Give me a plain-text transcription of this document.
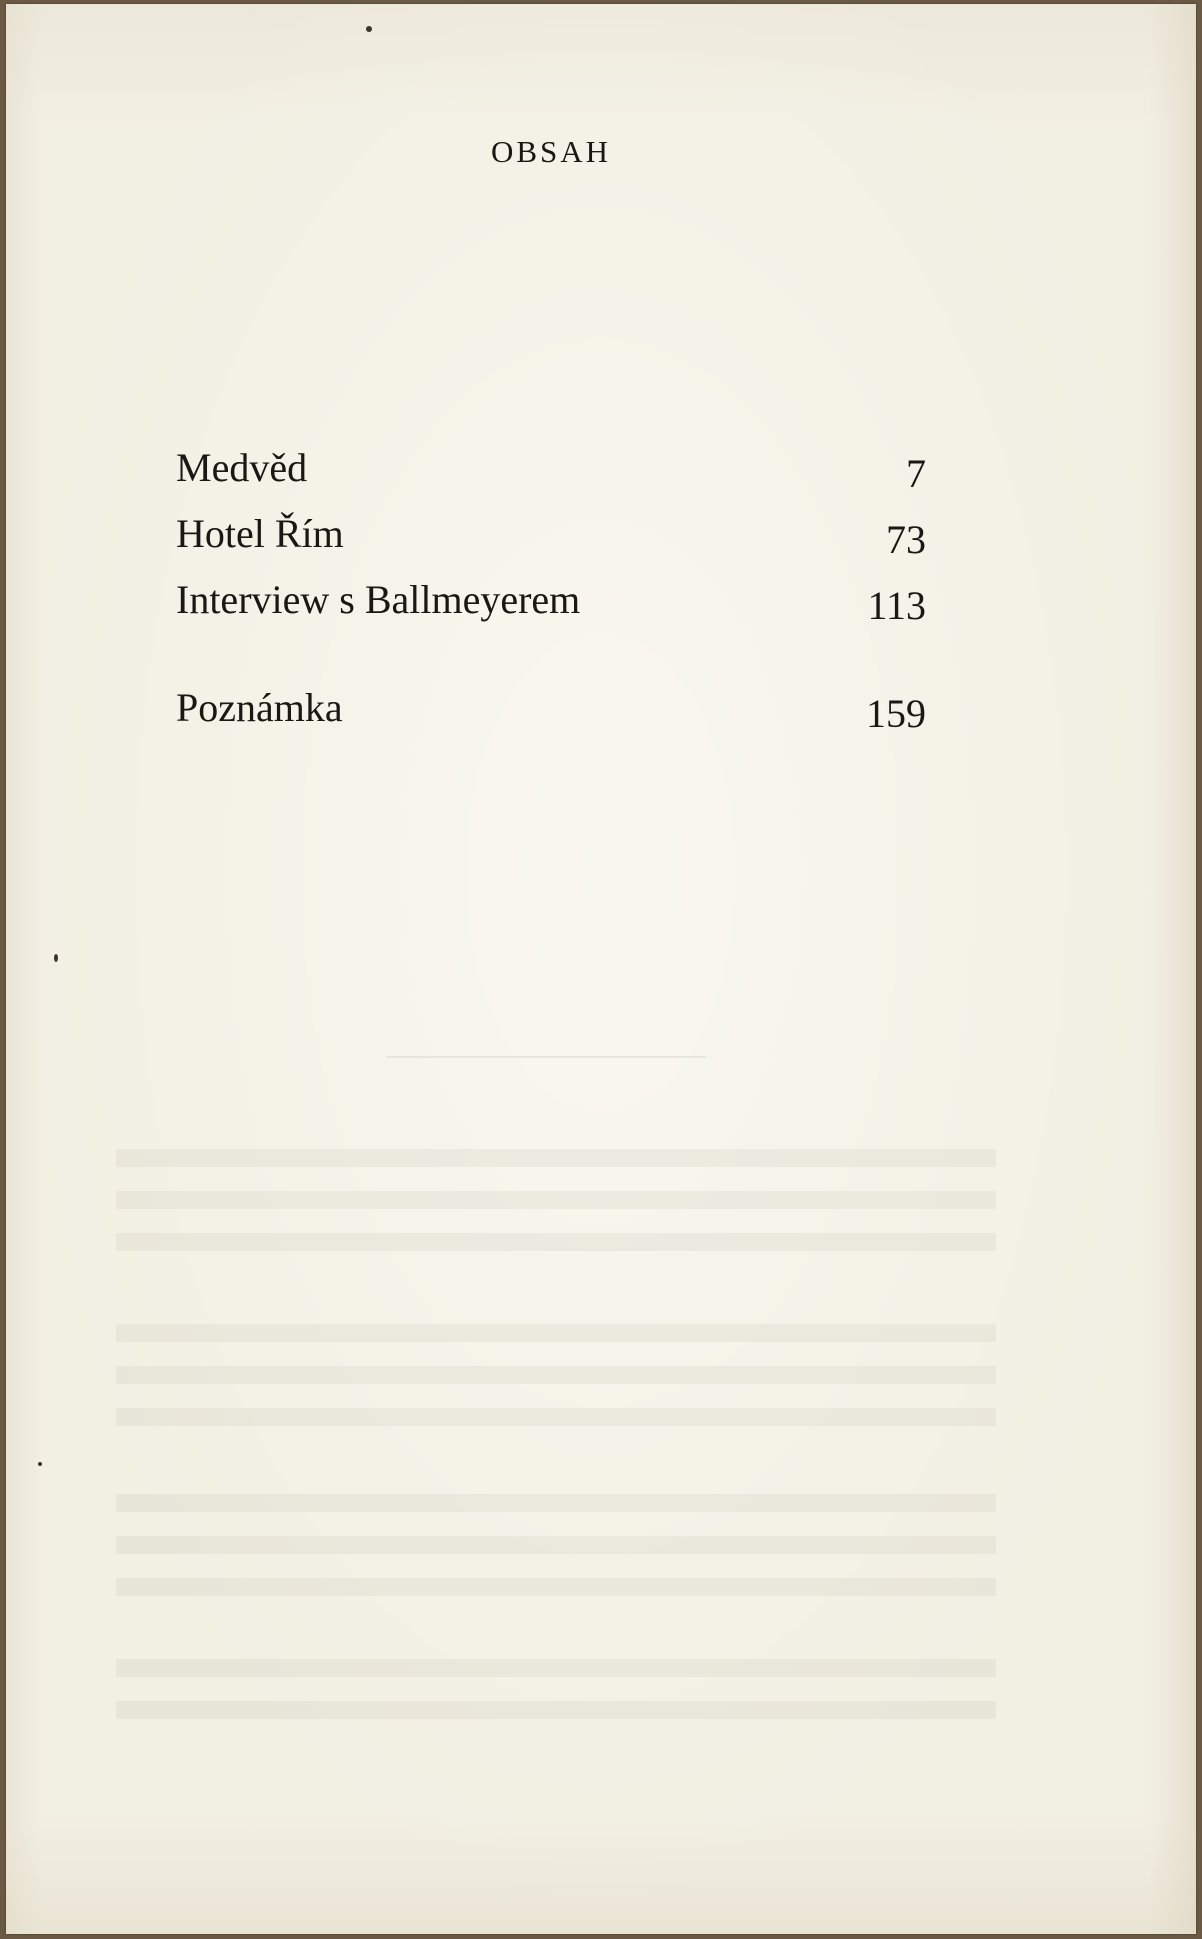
OBSAH
Medvěd	7
Hotel Řím	73
Interview s Ballmeyerem	113
Poznámka	159
